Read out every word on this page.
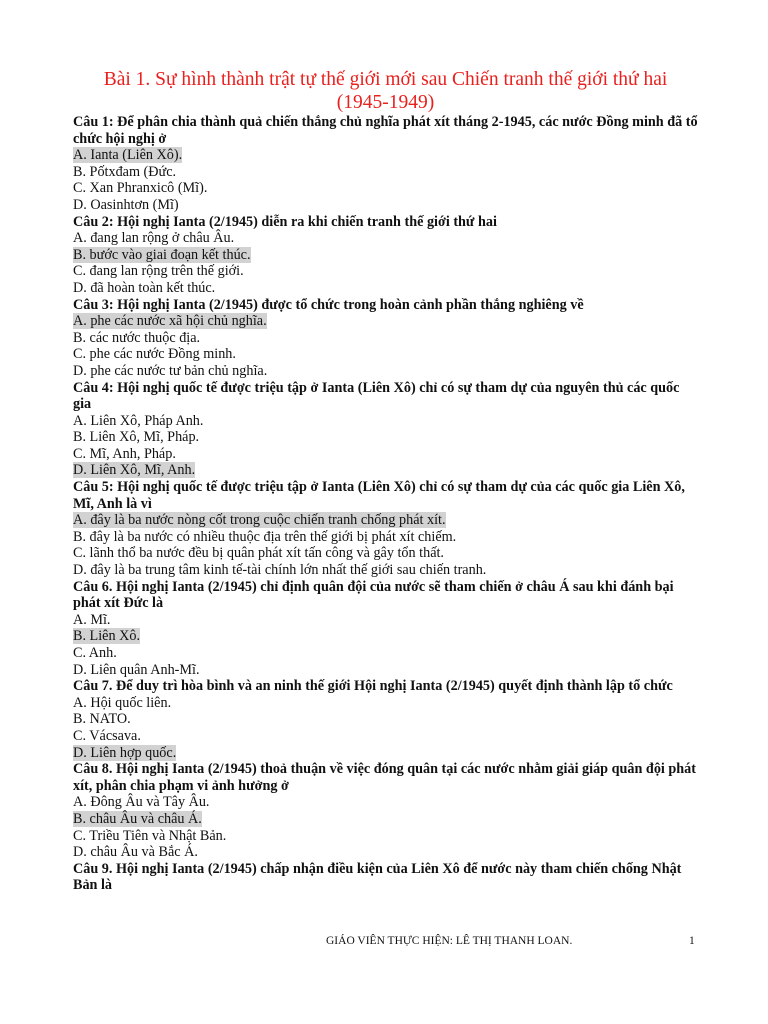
Bài 1. Sự hình thành trật tự thế giới mới sau Chiến tranh thế giới thứ hai
(1945-1949)
Câu 1: Để phân chia thành quả chiến thắng chủ nghĩa phát xít tháng 2-1945, các nước Đồng minh đã tổ chức hội nghị ở
A. Ianta (Liên Xô).
B. Pốtxđam (Đức.
C. Xan Phranxicô (Mĩ).
D. Oasinhtơn (Mĩ)
Câu 2: Hội nghị Ianta (2/1945) diễn ra khi chiến tranh thế giới thứ hai
A. đang lan rộng ở châu Âu.
B. bước vào giai đoạn kết thúc.
C. đang lan rộng trên thế giới.
D. đã hoàn toàn kết thúc.
Câu 3: Hội nghị Ianta (2/1945) được tổ chức trong hoàn cảnh phần thắng nghiêng về
A. phe các nước xã hội chủ nghĩa.
B. các nước thuộc địa.
C. phe các nước Đồng minh.
D. phe các nước tư bản chủ nghĩa.
Câu 4: Hội nghị quốc tế được triệu tập ở Ianta (Liên Xô) chỉ có sự tham dự của nguyên thủ các quốc gia
A. Liên Xô, Pháp Anh.
B. Liên Xô, Mĩ, Pháp.
C. Mĩ, Anh, Pháp.
D. Liên Xô, Mĩ, Anh.
Câu 5: Hội nghị quốc tế được triệu tập ở Ianta (Liên Xô) chỉ có sự tham dự của các quốc gia Liên Xô, Mĩ, Anh là vì
A. đây là ba nước nòng cốt trong cuộc chiến tranh chống phát xít.
B. đây là ba nước có nhiều thuộc địa trên thế giới bị phát xít chiếm.
C. lãnh thổ ba nước đều bị quân phát xít tấn công và gây tổn thất.
D. đây là ba trung tâm kinh tế-tài chính lớn nhất thế giới sau chiến tranh.
Câu 6. Hội nghị Ianta (2/1945) chỉ định quân đội của nước sẽ tham chiến ở châu Á sau khi đánh bại phát xít Đức là
A. Mĩ.
B. Liên Xô.
C. Anh.
D. Liên quân Anh-Mĩ.
Câu 7. Để duy trì hòa bình và an ninh thế giới Hội nghị Ianta (2/1945) quyết định thành lập tổ chức
A. Hội quốc liên.
B. NATO.
C. Vácsava.
D. Liên hợp quốc.
Câu 8. Hội nghị Ianta (2/1945) thoả thuận về việc đóng quân tại các nước nhằm giải giáp quân đội phát xít, phân chia phạm vi ảnh hưởng ở
A. Đông Âu và Tây Âu.
B. châu Âu và châu Á.
C. Triều Tiên và Nhật Bản.
D. châu Âu và Bắc Á.
Câu 9. Hội nghị Ianta (2/1945) chấp nhận điều kiện của Liên Xô để nước này tham chiến chống Nhật Bản là
GIÁO VIÊN THỰC HIỆN: LÊ THỊ THANH LOAN.	1
